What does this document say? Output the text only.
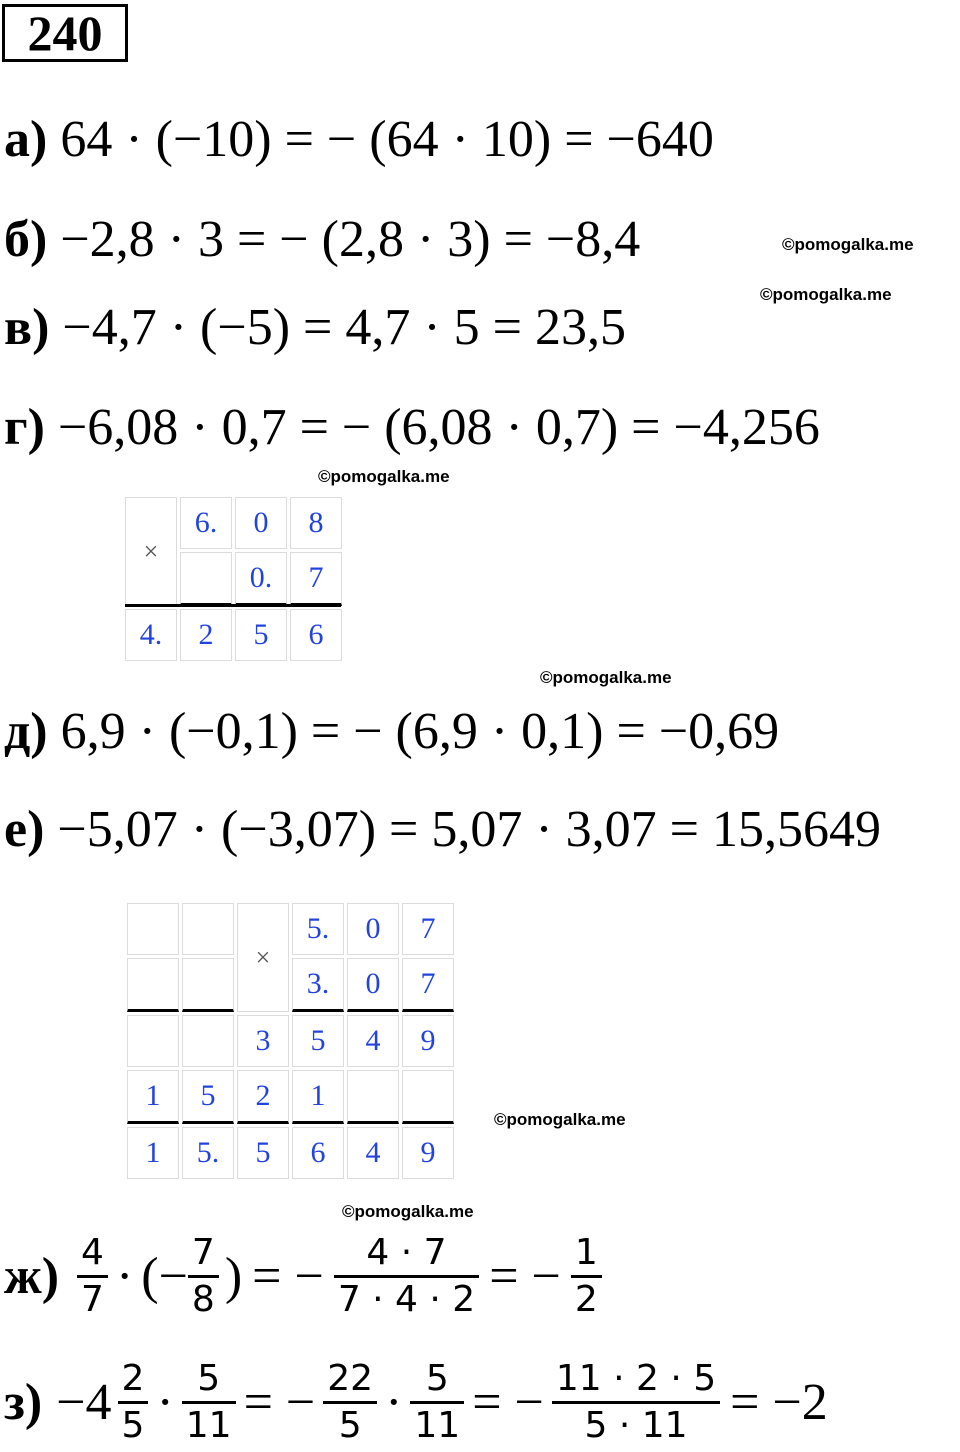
240
а) 64 · (−10) = − (64 · 10) = −640
б) −2,8 · 3 = − (2,8 · 3) = −8,4	©pomogalka.me
©pomogalka.me
в) −4,7 · (−5) = 4,7 · 5 = 23,5
г) −6,08 · 0,7 = − (6,08 · 0,7) = −4,256
©pomogalka.me
×	6.	0	8
		0.	7
4.	2	5	6
©pomogalka.me
д) 6,9 · (−0,1) = − (6,9 · 0,1) = −0,69
е) −5,07 · (−3,07) = 5,07 · 3,07 = 15,5649
		×	5.	0	7
			3.	0	7
		3	5	4	9
1	5	2	1		
1	5.	5	6	4	9
©pomogalka.me
©pomogalka.me
$ж) \frac{4}{7}$ · (− $\frac{7}{8}$ ) = − $\frac{4 \cdot 7}{7 \cdot 4 \cdot 2}$ = − $\frac{1}{2}$
$з) -4 \frac{2}{5} \cdot \frac{5}{11}$ = − $\frac{22}{5} \cdot \frac{5}{11}$ = − $\frac{11 \cdot 2 \cdot 5}{5 \cdot 11} = -2$
